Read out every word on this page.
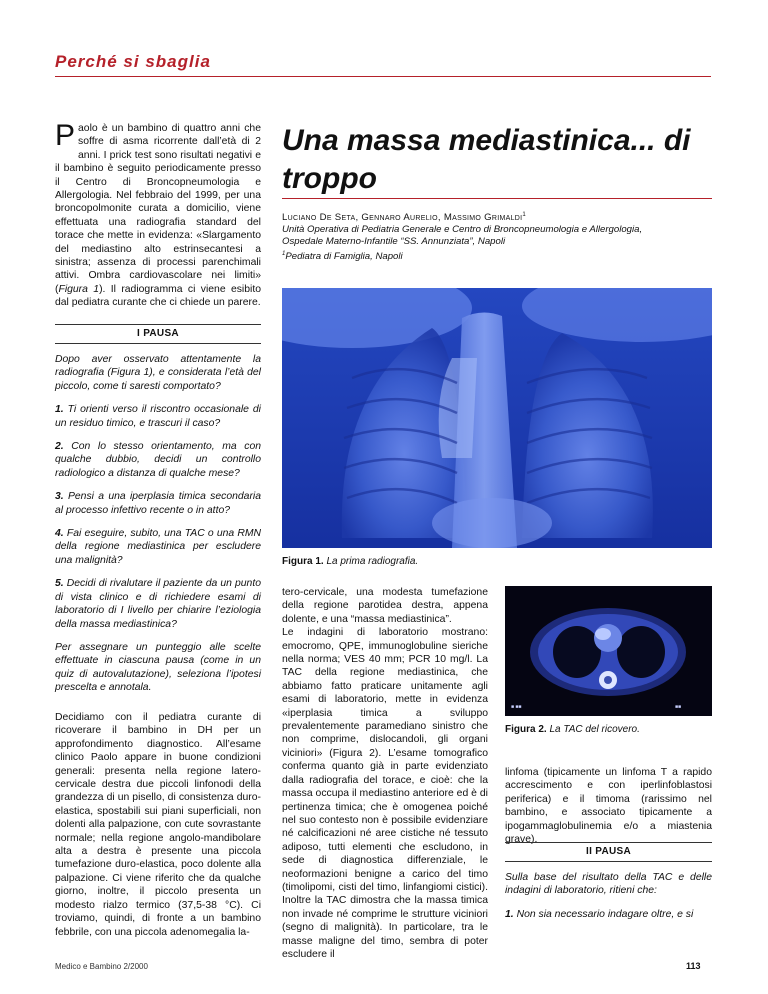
Perché si sbaglia
Paolo è un bambino di quattro anni che soffre di asma ricorrente dall’età di 2 anni. I prick test sono risultati negativi e il bambino è seguito periodicamente presso il Centro di Broncopneumologia e Allergologia. Nel febbraio del 1999, per una broncopolmonite curata a domicilio, viene effettuata una radiografia standard del torace che mette in evidenza: «Slargamento del mediastino alto estrinsecantesi a sinistra; assenza di processi parenchimali attivi. Ombra cardiovascolare nei limiti» (Figura 1). Il radiogramma ci viene esibito dal pediatra curante che ci chiede un parere.
I PAUSA

Dopo aver osservato attentamente la radiografia (Figura 1), e considerata l’età del piccolo, come ti saresti comportato?

1. Ti orienti verso il riscontro occasionale di un residuo timico, e trascuri il caso?

2. Con lo stesso orientamento, ma con qualche dubbio, decidi un controllo radiologico a distanza di qualche mese?

3. Pensi a una iperplasia timica secondaria al processo infettivo recente o in atto?

4. Fai eseguire, subito, una TAC o una RMN della regione mediastinica per escludere una malignità?

5. Decidi di rivalutare il paziente da un punto di vista clinico e di richiedere esami di laboratorio di I livello per chiarire l’eziologia della massa mediastinica?

Per assegnare un punteggio alle scelte effettuate in ciascuna pausa (come in un quiz di autovalutazione), seleziona l’ipotesi prescelta e annotala.

Decidiamo con il pediatra curante di ricoverare il bambino in DH per un approfondimento diagnostico. All’esame clinico Paolo appare in buone condizioni generali: presenta nella regione latero-cervicale destra due piccoli linfonodi della grandezza di un pisello, di consistenza duro-elastica, spostabili sui piani superficiali, non dolenti alla palpazione, con cute sovrastante normale; nella regione angolo-mandibolare alta a destra è presente una piccola tumefazione duro-elastica, poco dolente alla palpazione. Ci viene riferito che da qualche giorno, inoltre, il piccolo presenta un modesto rialzo termico (37,5-38 °C). Ci troviamo, quindi, di fronte a un bambino febbrile, con una piccola adenomegalia la-
Una massa mediastinica... di troppo
Luciano De Seta, Gennaro Aurelio, Massimo Grimaldi$^1$
Unità Operativa di Pediatria Generale e Centro di Broncopneumologia e Allergologia,
Ospedale Materno-Infantile “SS. Annunziata”, Napoli
$^1$Pediatra di Famiglia, Napoli
Figura 1. La prima radiografia.
tero-cervicale, una modesta tumefazione della regione parotidea destra, appena dolente, e una “massa mediastinica”.
Le indagini di laboratorio mostrano: emocromo, QPE, immunoglobuline sieriche nella norma; VES 40 mm; PCR 10 mg/l. La TAC della regione mediastinica, che abbiamo fatto praticare unitamente agli esami di laboratorio, mette in evidenza «iperplasia timica a sviluppo prevalentemente paramediano sinistro che non comprime, dislocandoli, gli organi viciniori» (Figura 2). L’esame tomografico conferma quanto già in parte evidenziato dalla radiografia del torace, e cioè: che la massa occupa il mediastino anteriore ed è di pertinenza timica; che è omogenea poiché nel suo contesto non è possibile evidenziare né calcificazioni né aree cistiche né tessuto adiposo, tutti elementi che escludono, in sede di diagnostica differenziale, le neoformazioni benigne a carico del timo (timolipomi, cisti del timo, linfangiomi cistici). Inoltre la TAC dimostra che la massa timica non invade né comprime le strutture viciniori (segno di malignità). In particolare, tra le masse maligne del timo, sembra di poter escludere il
■ ■■	■■
Figura 2. La TAC del ricovero.
linfoma (tipicamente un linfoma T a rapido accrescimento e con iperlinfoblastosi periferica) e il timoma (rarissimo nel bambino, e associato tipicamente a ipogammaglobulinemia e/o a miastenia grave).
II PAUSA

Sulla base del risultato della TAC e delle indagini di laboratorio, ritieni che:

1. Non sia necessario indagare oltre, e si

Medico e Bambino 2/2000	113
